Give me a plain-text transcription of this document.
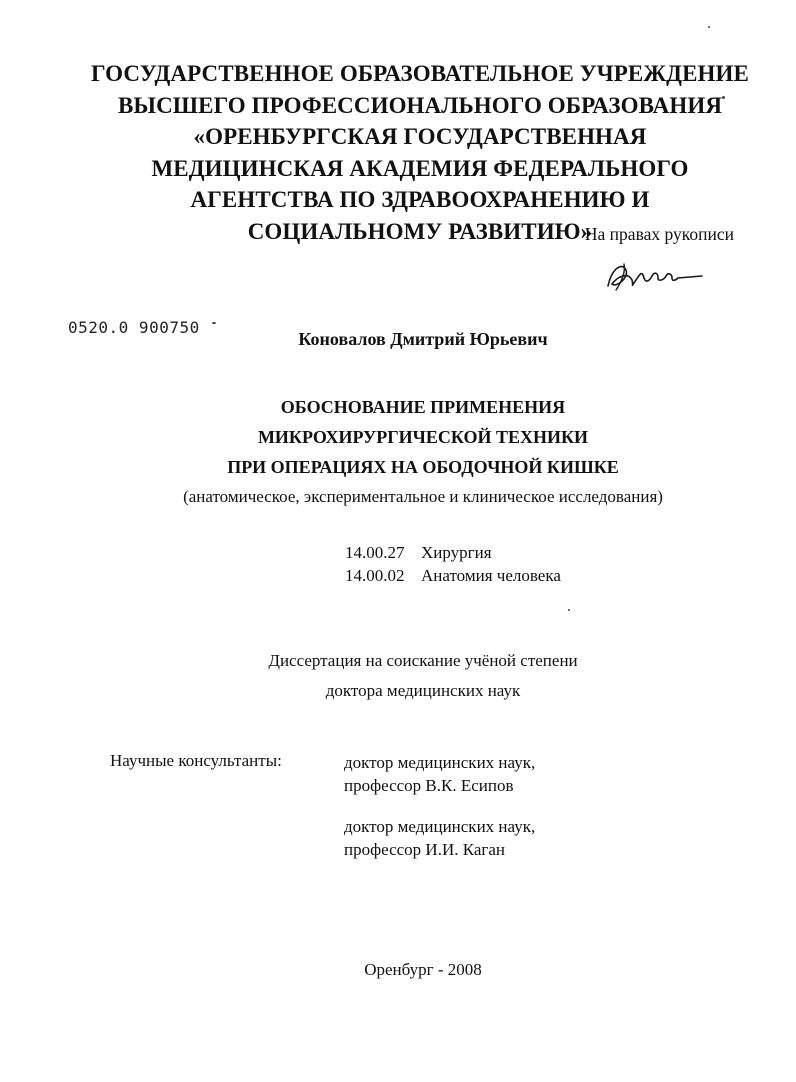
ГОСУДАРСТВЕННОЕ ОБРАЗОВАТЕЛЬНОЕ УЧРЕЖДЕНИЕ
ВЫСШЕГО ПРОФЕССИОНАЛЬНОГО ОБРАЗОВАНИЯ
«ОРЕНБУРГСКАЯ ГОСУДАРСТВЕННАЯ
МЕДИЦИНСКАЯ АКАДЕМИЯ ФЕДЕРАЛЬНОГО
АГЕНТСТВА ПО ЗДРАВООХРАНЕНИЮ И
СОЦИАЛЬНОМУ РАЗВИТИЮ»
На правах рукописи
0520.0 900750
Коновалов Дмитрий Юрьевич
ОБОСНОВАНИЕ ПРИМЕНЕНИЯ
МИКРОХИРУРГИЧЕСКОЙ ТЕХНИКИ
ПРИ ОПЕРАЦИЯХ НА ОБОДОЧНОЙ КИШКЕ
(анатомическое, экспериментальное и клиническое исследования)
14.00.27 Хирургия
14.00.02 Анатомия человека
Диссертация на соискание учёной степени
доктора медицинских наук
Научные консультанты:	доктор медицинских наук,
профессор В.К. Есипов
доктор медицинских наук,
профессор И.И. Каган
Оренбург - 2008
